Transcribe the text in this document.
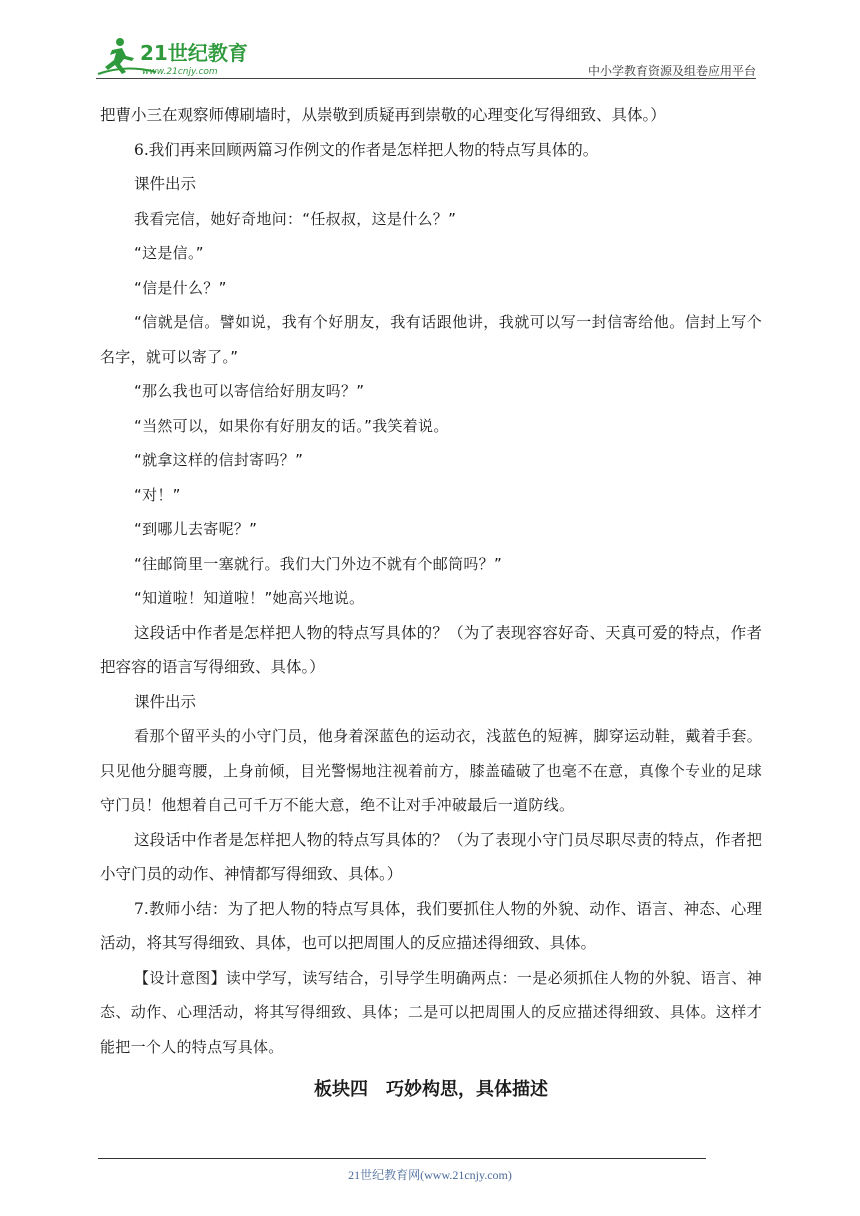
21世纪教育
www.21cnjy.com	中小学教育资源及组卷应用平台

把曹小三在观察师傅刷墙时，从崇敬到质疑再到崇敬的心理变化写得细致、具体。）

6.我们再来回顾两篇习作例文的作者是怎样把人物的特点写具体的。

课件出示

我看完信，她好奇地问：“任叔叔，这是什么？”

“这是信。”

“信是什么？”

“信就是信。譬如说，我有个好朋友，我有话跟他讲，我就可以写一封信寄给他。信封上写个名字，就可以寄了。”

“那么我也可以寄信给好朋友吗？”

“当然可以，如果你有好朋友的话。”我笑着说。

“就拿这样的信封寄吗？”

“对！”

“到哪儿去寄呢？”

“往邮筒里一塞就行。我们大门外边不就有个邮筒吗？”

“知道啦！知道啦！”她高兴地说。

这段话中作者是怎样把人物的特点写具体的？（为了表现容容好奇、天真可爱的特点，作者把容容的语言写得细致、具体。）

课件出示

看那个留平头的小守门员，他身着深蓝色的运动衣，浅蓝色的短裤，脚穿运动鞋，戴着手套。只见他分腿弯腰，上身前倾，目光警惕地注视着前方，膝盖磕破了也毫不在意，真像个专业的足球守门员！他想着自己可千万不能大意，绝不让对手冲破最后一道防线。

这段话中作者是怎样把人物的特点写具体的？（为了表现小守门员尽职尽责的特点，作者把小守门员的动作、神情都写得细致、具体。）

7.教师小结：为了把人物的特点写具体，我们要抓住人物的外貌、动作、语言、神态、心理活动，将其写得细致、具体，也可以把周围人的反应描述得细致、具体。

【设计意图】读中学写，读写结合，引导学生明确两点：一是必须抓住人物的外貌、语言、神态、动作、心理活动，将其写得细致、具体；二是可以把周围人的反应描述得细致、具体。这样才能把一个人的特点写具体。

板块四　巧妙构思，具体描述
21世纪教育网(www.21cnjy.com)
